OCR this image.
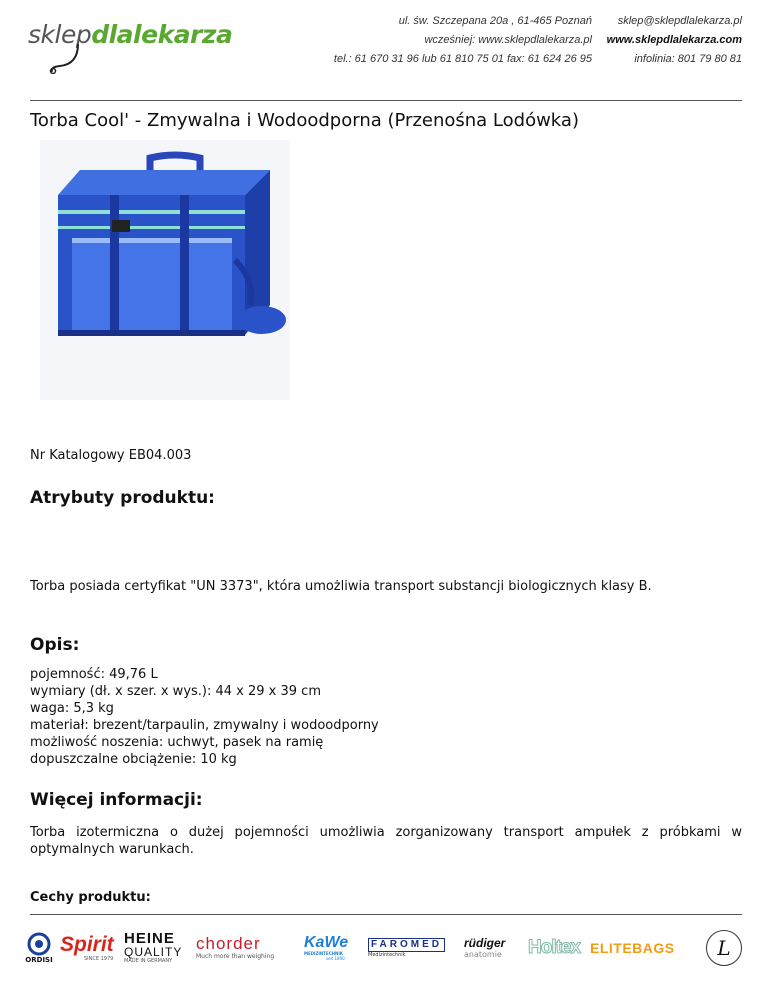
sklepdlalekarza	ul. św. Szczepana 20a , 61-465 Poznań
wcześniej: www.sklepdlalekarza.pl
tel.: 61 670 31 96 lub 61 810 75 01 fax: 61 624 26 95
sklep@sklepdlalekarza.pl
www.sklepdlalekarza.com
infolinia: 801 79 80 81
Torba Cool' - Zmywalna i Wodoodporna (Przenośna Lodówka)
Nr Katalogowy EB04.003
Atrybuty produktu:
Torba posiada certyfikat "UN 3373", która umożliwia transport substancji biologicznych klasy B.
Opis:
pojemność: 49,76 L
wymiary (dł. x szer. x wys.): 44 x 29 x 39 cm
waga: 5,3 kg
materiał: brezent/tarpaulin, zmywalny i wodoodporny
możliwość noszenia: uchwyt, pasek na ramię
dopuszczalne obciążenie: 10 kg
Więcej informacji:
Torba izotermiczna o dużej pojemności umożliwia zorganizowany transport ampułek z próbkami w optymalnych warunkach.
Cechy produktu:
ORDISI
Spirit
SINCE 1979
HEINE
QUALITY
MADE IN GERMANY
chorder
Much more than weighing
KaWe
MEDIZINTECHNIK
seit 1890
FAROMED
Medizintechnik
rüdiger
anatomie Holtex ELITEBAGS L
